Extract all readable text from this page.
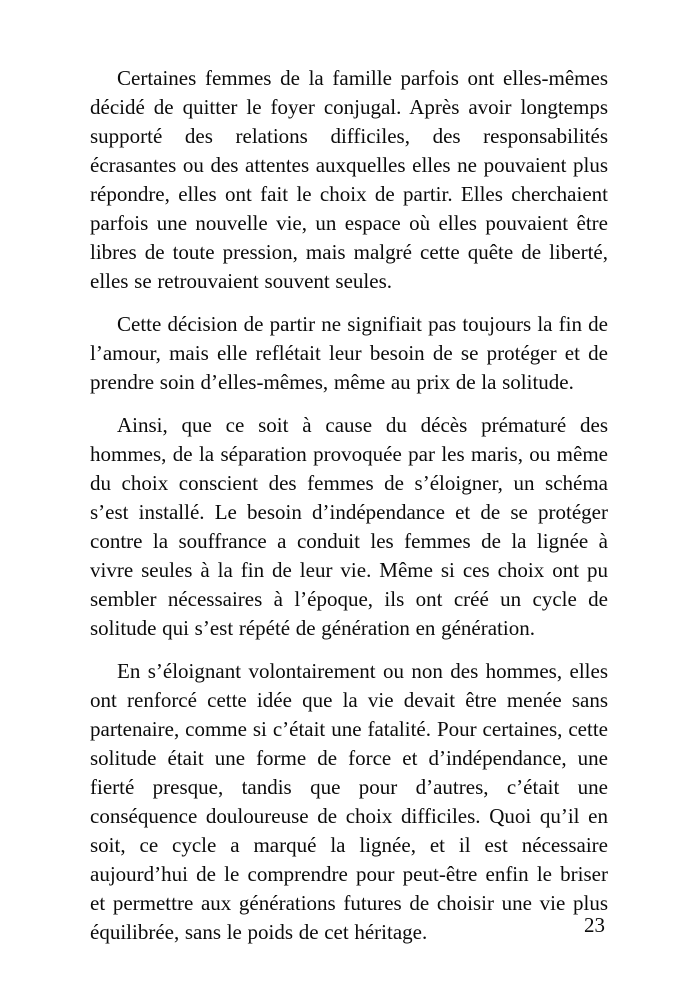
Certaines femmes de la famille parfois ont elles-mêmes décidé de quitter le foyer conjugal. Après avoir longtemps supporté des relations difficiles, des responsabilités écrasantes ou des attentes auxquelles elles ne pouvaient plus répondre, elles ont fait le choix de partir. Elles cherchaient parfois une nouvelle vie, un espace où elles pouvaient être libres de toute pression, mais malgré cette quête de liberté, elles se retrouvaient souvent seules.

Cette décision de partir ne signifiait pas toujours la fin de l’amour, mais elle reflétait leur besoin de se protéger et de prendre soin d’elles-mêmes, même au prix de la solitude.

Ainsi, que ce soit à cause du décès prématuré des hommes, de la séparation provoquée par les maris, ou même du choix conscient des femmes de s’éloigner, un schéma s’est installé. Le besoin d’indépendance et de se protéger contre la souffrance a conduit les femmes de la lignée à vivre seules à la fin de leur vie. Même si ces choix ont pu sembler nécessaires à l’époque, ils ont créé un cycle de solitude qui s’est répété de génération en génération.

En s’éloignant volontairement ou non des hommes, elles ont renforcé cette idée que la vie devait être menée sans partenaire, comme si c’était une fatalité. Pour certaines, cette solitude était une forme de force et d’indépendance, une fierté presque, tandis que pour d’autres, c’était une conséquence douloureuse de choix difficiles. Quoi qu’il en soit, ce cycle a marqué la lignée, et il est nécessaire aujourd’hui de le comprendre pour peut-être enfin le briser et permettre aux générations futures de choisir une vie plus équilibrée, sans le poids de cet héritage.	23
